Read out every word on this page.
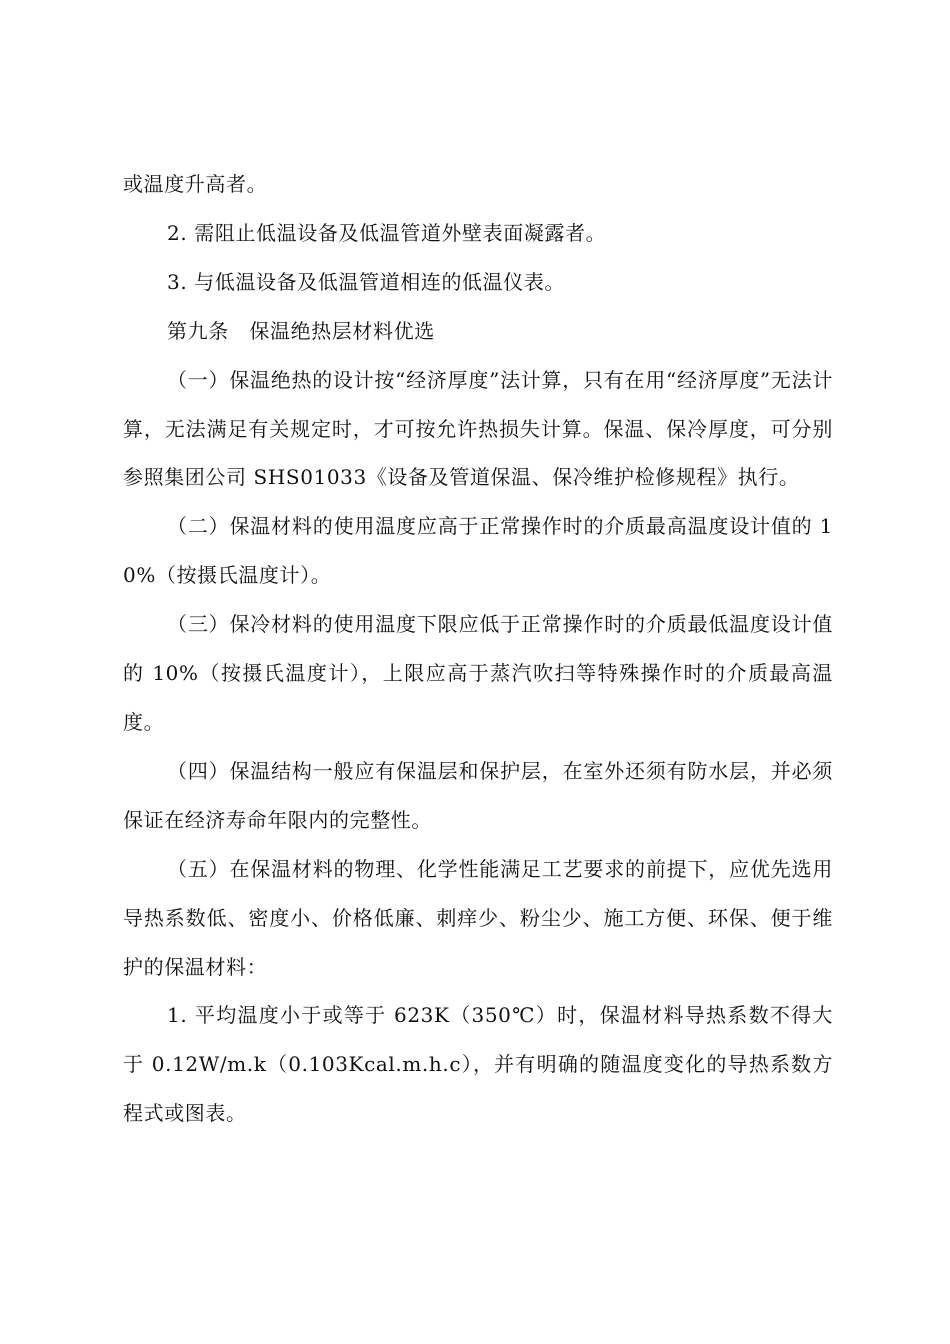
或温度升高者。

2. 需阻止低温设备及低温管道外壁表面凝露者。

3. 与低温设备及低温管道相连的低温仪表。

第九条　保温绝热层材料优选

（一）保温绝热的设计按“经济厚度”法计算，只有在用“经济厚度”无法计算，无法满足有关规定时，才可按允许热损失计算。保温、保冷厚度，可分别参照集团公司 SHS01033《设备及管道保温、保冷维护检修规程》执行。

（二）保温材料的使用温度应高于正常操作时的介质最高温度设计值的 10%（按摄氏温度计）。

（三）保冷材料的使用温度下限应低于正常操作时的介质最低温度设计值的 10%（按摄氏温度计），上限应高于蒸汽吹扫等特殊操作时的介质最高温度。

（四）保温结构一般应有保温层和保护层，在室外还须有防水层，并必须保证在经济寿命年限内的完整性。

（五）在保温材料的物理、化学性能满足工艺要求的前提下，应优先选用导热系数低、密度小、价格低廉、刺痒少、粉尘少、施工方便、环保、便于维护的保温材料：

1. 平均温度小于或等于 623K（350℃）时，保温材料导热系数不得大于 0.12W/m.k（0.103Kcal.m.h.c），并有明确的随温度变化的导热系数方程式或图表。
